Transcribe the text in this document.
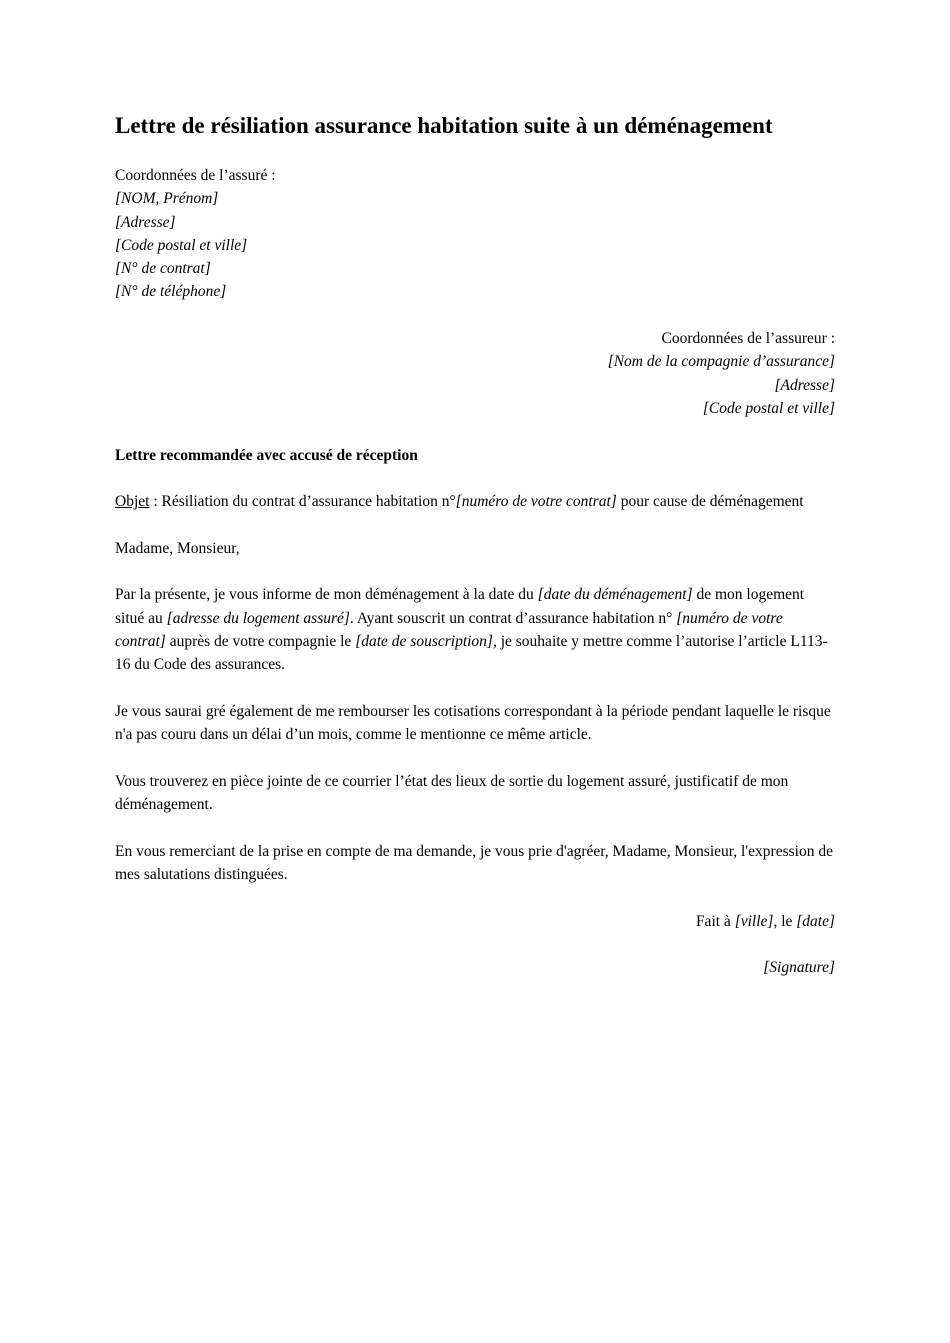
Lettre de résiliation assurance habitation suite à un déménagement

Coordonnées de l’assuré :
[NOM, Prénom]
[Adresse]
[Code postal et ville]
[N° de contrat]
[N° de téléphone]

Coordonnées de l’assureur :
[Nom de la compagnie d’assurance]
[Adresse]
[Code postal et ville]

Lettre recommandée avec accusé de réception

Objet : Résiliation du contrat d’assurance habitation n°[numéro de votre contrat] pour cause de déménagement

Madame, Monsieur,

Par la présente, je vous informe de mon déménagement à la date du [date du déménagement] de mon logement situé au [adresse du logement assuré]. Ayant souscrit un contrat d’assurance habitation n° [numéro de votre contrat] auprès de votre compagnie le [date de souscription], je souhaite y mettre comme l’autorise l’article L113-16 du Code des assurances.

Je vous saurai gré également de me rembourser les cotisations correspondant à la période pendant laquelle le risque n'a pas couru dans un délai d’un mois, comme le mentionne ce même article.

Vous trouverez en pièce jointe de ce courrier l’état des lieux de sortie du logement assuré, justificatif de mon déménagement.

En vous remerciant de la prise en compte de ma demande, je vous prie d'agréer, Madame, Monsieur, l'expression de mes salutations distinguées.

Fait à [ville], le [date]

[Signature]
